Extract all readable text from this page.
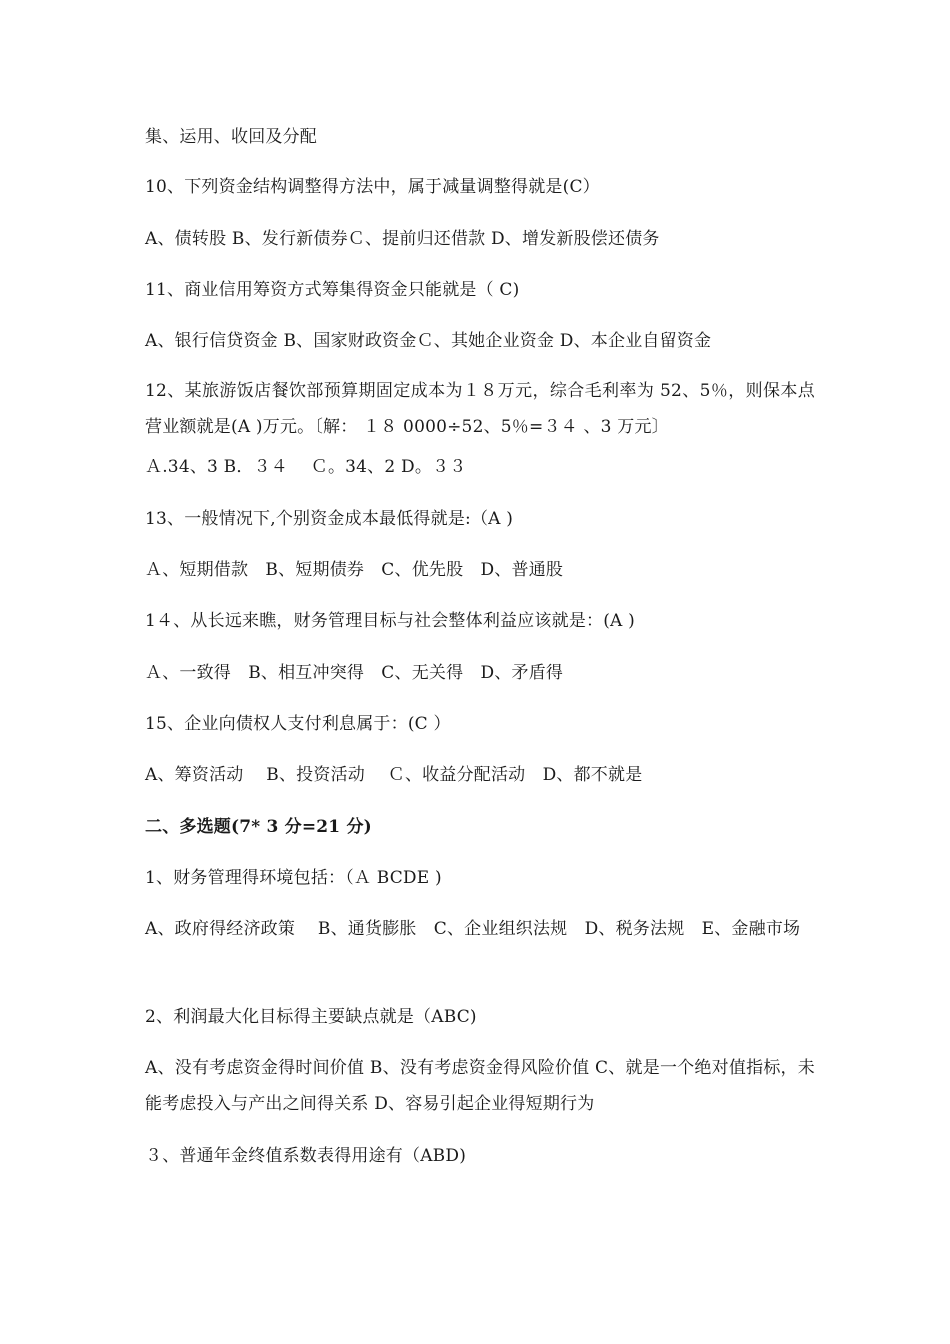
集、运用、收回及分配
10、下列资金结构调整得方法中，属于减量调整得就是(C）
A、债转股 B、发行新债券Ｃ、提前归还借款 D、增发新股偿还债务
11、商业信用筹资方式筹集得资金只能就是（ C)
A、银行信贷资金 B、国家财政资金Ｃ、其她企业资金 D、本企业自留资金
12、某旅游饭店餐饮部预算期固定成本为１８万元，综合毛利率为 52、5％，则保本点营业额就是(A )万元。〔解： １８ 0000÷52、5％=３４ 、3 万元〕
Ａ.34、3 B．３４　 Ｃ。34、2 D。３３
13、一般情况下,个别资金成本最低得就是:（A )
Ａ、短期借款　B、短期债券　C、优先股　D、普通股
1４、从长远来瞧，财务管理目标与社会整体利益应该就是：(A )
Ａ、一致得　B、相互冲突得　C、无关得　D、矛盾得
15、企业向债权人支付利息属于：(C ）
A、筹资活动　 B、投资活动　 Ｃ、收益分配活动　D、都不就是
二、多选题(7* 3 分=21 分)
1、财务管理得环境包括：（Ａ BCDE )
A、政府得经济政策　 B、通货膨胀　C、企业组织法规　D、税务法规　E、金融市场
2、利润最大化目标得主要缺点就是（ABC)
A、没有考虑资金得时间价值 B、没有考虑资金得风险价值 C、就是一个绝对值指标，未能考虑投入与产出之间得关系 D、容易引起企业得短期行为
３、普通年金终值系数表得用途有（ABD)
